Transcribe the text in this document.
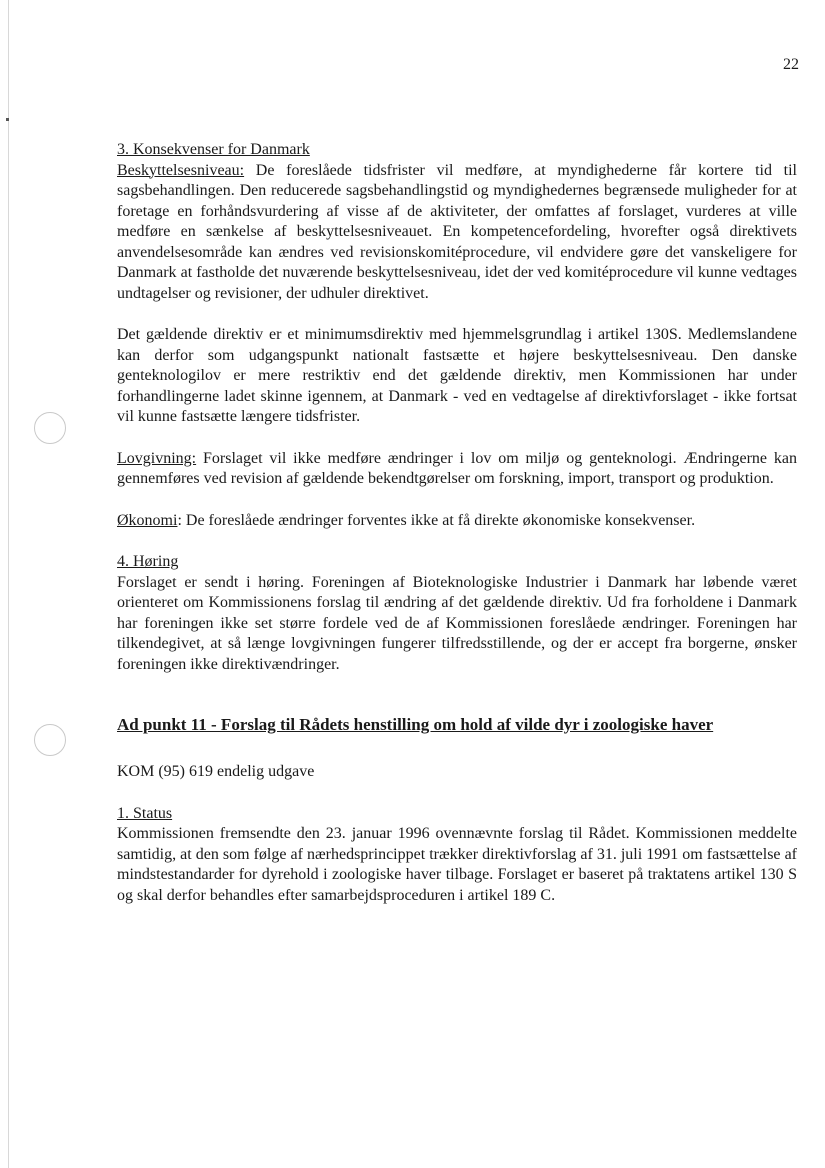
22

3. Konsekvenser for Danmark

Beskyttelsesniveau: De foreslåede tidsfrister vil medføre, at myndighederne får kortere tid til sagsbehandlingen. Den reducerede sagsbehandlingstid og myndighedernes begrænsede muligheder for at foretage en forhåndsvurdering af visse af de aktiviteter, der omfattes af forslaget, vurderes at ville medføre en sænkelse af beskyttelsesniveauet. En kompetencefordeling, hvorefter også direktivets anvendelsesområde kan ændres ved revisionskomitéprocedure, vil endvidere gøre det vanskeligere for Danmark at fastholde det nuværende beskyttelsesniveau, idet der ved komitéprocedure vil kunne vedtages undtagelser og revisioner, der udhuler direktivet.

Det gældende direktiv er et minimumsdirektiv med hjemmelsgrundlag i artikel 130S. Medlemslandene kan derfor som udgangspunkt nationalt fastsætte et højere beskyttelsesniveau. Den danske genteknologilov er mere restriktiv end det gældende direktiv, men Kommissionen har under forhandlingerne ladet skinne igennem, at Danmark - ved en vedtagelse af direktivforslaget - ikke fortsat vil kunne fastsætte længere tidsfrister.

Lovgivning: Forslaget vil ikke medføre ændringer i lov om miljø og genteknologi. Ændringerne kan gennemføres ved revision af gældende bekendtgørelser om forskning, import, transport og produktion.

Økonomi: De foreslåede ændringer forventes ikke at få direkte økonomiske konsekvenser.

4. Høring

Forslaget er sendt i høring. Foreningen af Bioteknologiske Industrier i Danmark har løbende været orienteret om Kommissionens forslag til ændring af det gældende direktiv. Ud fra forholdene i Danmark har foreningen ikke set større fordele ved de af Kommissionen foreslåede ændringer. Foreningen har tilkendegivet, at så længe lovgivningen fungerer tilfredsstillende, og der er accept fra borgerne, ønsker foreningen ikke direktivændringer.

Ad punkt 11 - Forslag til Rådets henstilling om hold af vilde dyr i zoologiske haver

KOM (95) 619 endelig udgave

1. Status

Kommissionen fremsendte den 23. januar 1996 ovennævnte forslag til Rådet. Kommissionen meddelte samtidig, at den som følge af nærhedsprincippet trækker direktivforslag af 31. juli 1991 om fastsættelse af mindstestandarder for dyrehold i zoologiske haver tilbage. Forslaget er baseret på traktatens artikel 130 S og skal derfor behandles efter samarbejdsproceduren i artikel 189 C.
